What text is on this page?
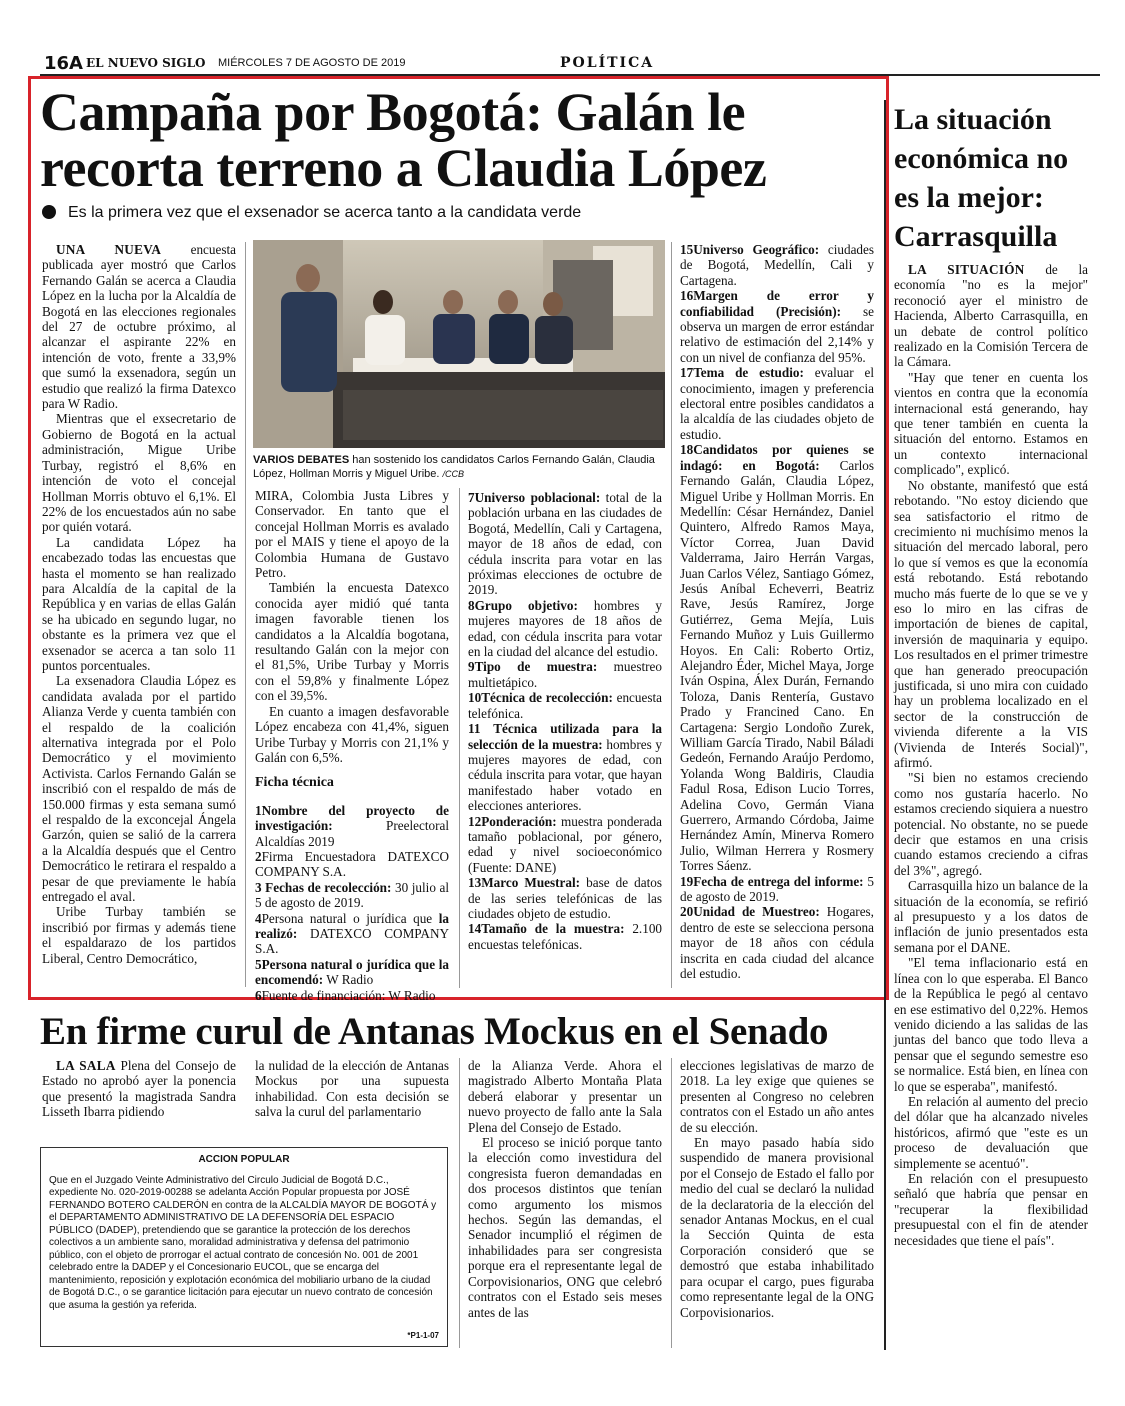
16A EL NUEVO SIGLO MIÉRCOLES 7 DE AGOSTO DE 2019	POLÍTICA
Campaña por Bogotá: Galán le recorta terreno a Claudia López
Es la primera vez que el exsenador se acerca tanto a la candidata verde

UNA NUEVA encuesta publicada ayer mostró que Carlos Fernando Galán se acerca a Claudia López en la lucha por la Alcaldía de Bogotá en las elecciones regionales del 27 de octubre próximo, al alcanzar el aspirante 22% en intención de voto, frente a 33,9% que sumó la exsenadora, según un estudio que realizó la firma Datexco para W Radio.

Mientras que el exsecretario de Gobierno de Bogotá en la actual administración, Migue Uribe Turbay, registró el 8,6% en intención de voto el concejal Hollman Morris obtuvo el 6,1%. El 22% de los encuestados aún no sabe por quién votará.

La candidata López ha encabezado todas las encuestas que hasta el momento se han realizado para Alcaldía de la capital de la República y en varias de ellas Galán se ha ubicado en segundo lugar, no obstante es la primera vez que el exsenador se acerca a tan solo 11 puntos porcentuales.

La exsenadora Claudia López es candidata avalada por el partido Alianza Verde y cuenta también con el respaldo de la coalición alternativa integrada por el Polo Democrático y el movimiento Activista. Carlos Fernando Galán se inscribió con el respaldo de más de 150.000 firmas y esta semana sumó el respaldo de la exconcejal Ángela Garzón, quien se salió de la carrera a la Alcaldía después que el Centro Democrático le retirara el respaldo a pesar de que previamente le había entregado el aval.

Uribe Turbay también se inscribió por firmas y además tiene el espaldarazo de los partidos Liberal, Centro Democrático,

VARIOS DEBATES han sostenido los candidatos Carlos Fernando Galán, Claudia López, Hollman Morris y Miguel Uribe. /CCB

MIRA, Colombia Justa Libres y Conservador. En tanto que el concejal Hollman Morris es avalado por el MAIS y tiene el apoyo de la Colombia Humana de Gustavo Petro.

También la encuesta Datexco conocida ayer midió qué tanta imagen favorable tienen los candidatos a la Alcaldía bogotana, resultando Galán con la mejor con el 81,5%, Uribe Turbay y Morris con el 59,8% y finalmente López con el 39,5%.

En cuanto a imagen desfavorable López encabeza con 41,4%, siguen Uribe Turbay y Morris con 21,1% y Galán con 6,5%.

Ficha técnica

1Nombre del proyecto de investigación: Preelectoral Alcaldías 2019

2Firma Encuestadora DATEXCO COMPANY S.A.

3 Fechas de recolección: 30 julio al 5 de agosto de 2019.

4Persona natural o jurídica que la realizó: DATEXCO COMPANY S.A.

5Persona natural o jurídica que la encomendó: W Radio

6Fuente de financiación: W Radio

7Universo poblacional: total de la población urbana en las ciudades de Bogotá, Medellín, Cali y Cartagena, mayor de 18 años de edad, con cédula inscrita para votar en las próximas elecciones de octubre de 2019.

8Grupo objetivo: hombres y mujeres mayores de 18 años de edad, con cédula inscrita para votar en la ciudad del alcance del estudio.

9Tipo de muestra: muestreo multietápico.

10Técnica de recolección: encuesta telefónica.

11 Técnica utilizada para la selección de la muestra: hombres y mujeres mayores de edad, con cédula inscrita para votar, que hayan manifestado haber votado en elecciones anteriores.

12Ponderación: muestra ponderada tamaño poblacional, por género, edad y nivel socioeconómico (Fuente: DANE)

13Marco Muestral: base de datos de las series telefónicas de las ciudades objeto de estudio.

14Tamaño de la muestra: 2.100 encuestas telefónicas.

15Universo Geográfico: ciudades de Bogotá, Medellín, Cali y Cartagena.

16Margen de error y confiabilidad (Precisión): se observa un margen de error estándar relativo de estimación del 2,14% y con un nivel de confianza del 95%.

17Tema de estudio: evaluar el conocimiento, imagen y preferencia electoral entre posibles candidatos a la alcaldía de las ciudades objeto de estudio.

18Candidatos por quienes se indagó: en Bogotá: Carlos Fernando Galán, Claudia López, Miguel Uribe y Hollman Morris. En Medellín: César Hernández, Daniel Quintero, Alfredo Ramos Maya, Víctor Correa, Juan David Valderrama, Jairo Herrán Vargas, Juan Carlos Vélez, Santiago Gómez, Jesús Aníbal Echeverri, Beatriz Rave, Jesús Ramírez, Jorge Gutiérrez, Gema Mejía, Luis Fernando Muñoz y Luis Guillermo Hoyos. En Cali: Roberto Ortiz, Alejandro Éder, Michel Maya, Jorge Iván Ospina, Álex Durán, Fernando Toloza, Danis Rentería, Gustavo Prado y Francined Cano. En Cartagena: Sergio Londoño Zurek, William García Tirado, Nabil Báladi Gedeón, Fernando Araújo Perdomo, Yolanda Wong Baldiris, Claudia Fadul Rosa, Edison Lucio Torres, Adelina Covo, Germán Viana Guerrero, Armando Córdoba, Jaime Hernández Amín, Minerva Romero Julio, Wilman Herrera y Rosmery Torres Sáenz.

19Fecha de entrega del informe: 5 de agosto de 2019.

20Unidad de Muestreo: Hogares, dentro de este se selecciona persona mayor de 18 años con cédula inscrita en cada ciudad del alcance del estudio.

La situación económica no es la mejor: Carrasquilla

LA SITUACIÓN de la economía "no es la mejor" reconoció ayer el ministro de Hacienda, Alberto Carrasquilla, en un debate de control político realizado en la Comisión Tercera de la Cámara.

"Hay que tener en cuenta los vientos en contra que la economía internacional está generando, hay que tener también en cuenta la situación del entorno. Estamos en un contexto internacional complicado", explicó.

No obstante, manifestó que está rebotando. "No estoy diciendo que sea satisfactorio el ritmo de crecimiento ni muchísimo menos la situación del mercado laboral, pero lo que sí vemos es que la economía está rebotando. Está rebotando mucho más fuerte de lo que se ve y eso lo miro en las cifras de importación de bienes de capital, inversión de maquinaria y equipo. Los resultados en el primer trimestre que han generado preocupación justificada, si uno mira con cuidado hay un problema localizado en el sector de la construcción de vivienda diferente a la VIS (Vivienda de Interés Social)", afirmó.

"Si bien no estamos creciendo como nos gustaría hacerlo. No estamos creciendo siquiera a nuestro potencial. No obstante, no se puede decir que estamos en una crisis cuando estamos creciendo a cifras del 3%", agregó.

Carrasquilla hizo un balance de la situación de la economía, se refirió al presupuesto y a los datos de inflación de junio presentados esta semana por el DANE.

"El tema inflacionario está en línea con lo que esperaba. El Banco de la República le pegó al centavo en ese estimativo del 0,22%. Hemos venido diciendo a las salidas de las juntas del banco que todo lleva a pensar que el segundo semestre eso se normalice. Está bien, en línea con lo que se esperaba", manifestó.

En relación al aumento del precio del dólar que ha alcanzado niveles históricos, afirmó que "este es un proceso de devaluación que simplemente se acentuó".

En relación con el presupuesto señaló que habría que pensar en "recuperar la flexibilidad presupuestal con el fin de atender necesidades que tiene el país".

En firme curul de Antanas Mockus en el Senado

LA SALA Plena del Consejo de Estado no aprobó ayer la ponencia que presentó la magistrada Sandra Lisseth Ibarra pidiendo

la nulidad de la elección de Antanas Mockus por una supuesta inhabilidad. Con esta decisión se salva la curul del parlamentario

ACCION POPULAR
Que en el Juzgado Veinte Administrativo del Circulo Judicial de Bogotá D.C., expediente No. 020-2019-00288 se adelanta Acción Popular propuesta por JOSÉ FERNANDO BOTERO CALDERÓN en contra de la ALCALDÍA MAYOR DE BOGOTÁ y el DEPARTAMENTO ADMINISTRATIVO DE LA DEFENSORÍA DEL ESPACIO PÚBLICO (DADEP), pretendiendo que se garantice la protección de los derechos colectivos a un ambiente sano, moralidad administrativa y defensa del patrimonio público, con el objeto de prorrogar el actual contrato de concesión No. 001 de 2001 celebrado entre la DADEP y el Concesionario EUCOL, que se encarga del mantenimiento, reposición y explotación económica del mobiliario urbano de la ciudad de Bogotá D.C., o se garantice licitación para ejecutar un nuevo contrato de concesión que asuma la gestión ya referida.
*P1-1-07

de la Alianza Verde. Ahora el magistrado Alberto Montaña Plata deberá elaborar y presentar un nuevo proyecto de fallo ante la Sala Plena del Consejo de Estado.

El proceso se inició porque tanto la elección como investidura del congresista fueron demandadas en dos procesos distintos que tenían como argumento los mismos hechos. Según las demandas, el Senador incumplió el régimen de inhabilidades para ser congresista porque era el representante legal de Corpovisionarios, ONG que celebró contratos con el Estado seis meses antes de las

elecciones legislativas de marzo de 2018. La ley exige que quienes se presenten al Congreso no celebren contratos con el Estado un año antes de su elección.

En mayo pasado había sido suspendido de manera provisional por el Consejo de Estado el fallo por medio del cual se declaró la nulidad de la declaratoria de la elección del senador Antanas Mockus, en el cual la Sección Quinta de esta Corporación consideró que se demostró que estaba inhabilitado para ocupar el cargo, pues figuraba como representante legal de la ONG Corpovisionarios.
